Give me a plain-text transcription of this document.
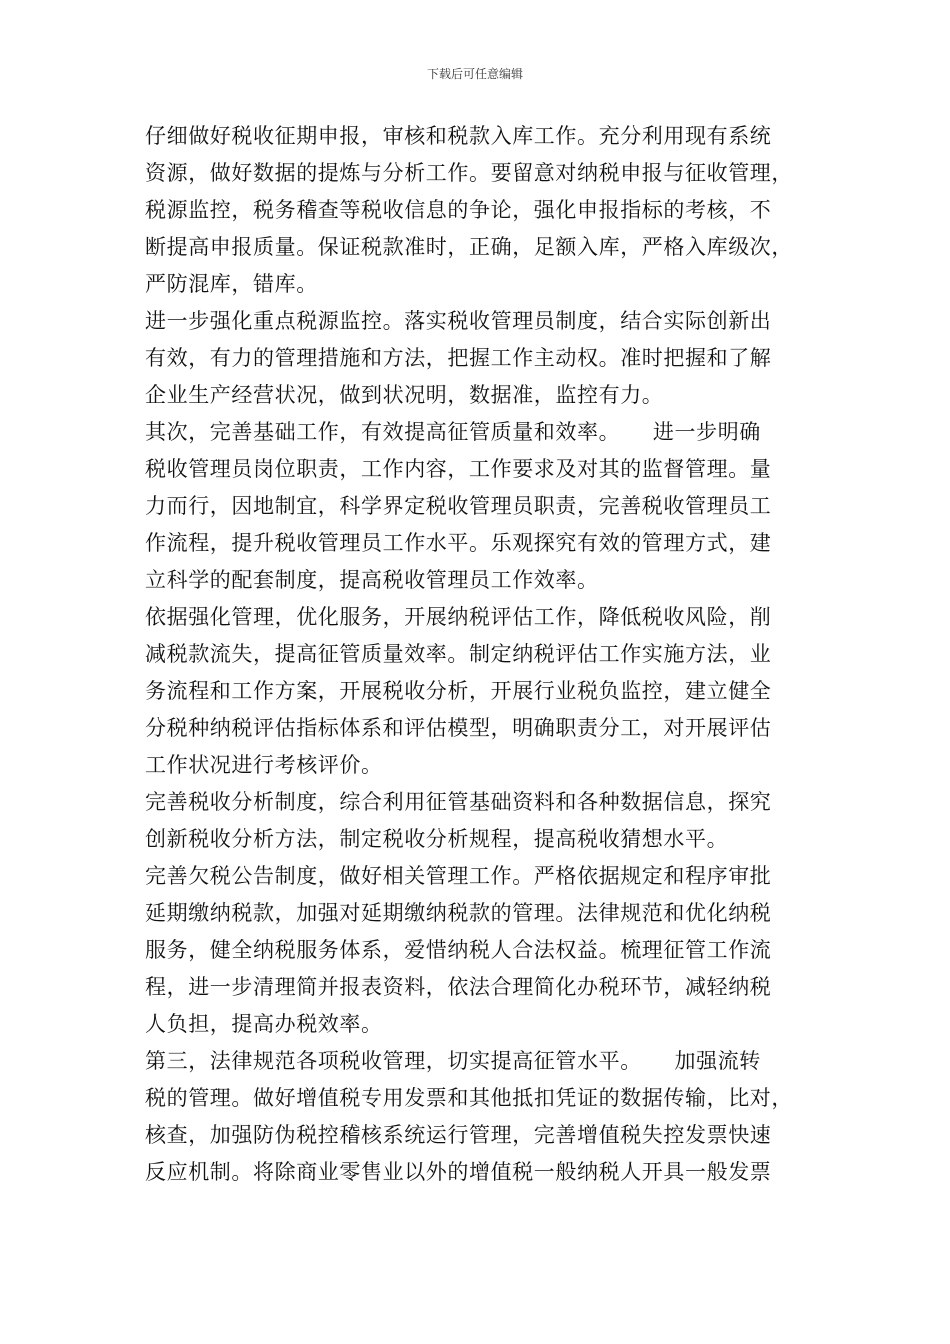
下载后可任意编辑

仔细做好税收征期申报，审核和税款入库工作。充分利用现有系统
资源，做好数据的提炼与分析工作。要留意对纳税申报与征收管理，
税源监控，税务稽查等税收信息的争论，强化申报指标的考核，不
断提高申报质量。保证税款准时，正确，足额入库，严格入库级次，
严防混库，错库。

进一步强化重点税源监控。落实税收管理员制度，结合实际创新出
有效，有力的管理措施和方法，把握工作主动权。准时把握和了解
企业生产经营状况，做到状况明，数据准，监控有力。

其次，完善基础工作，有效提高征管质量和效率。　　进一步明确
税收管理员岗位职责，工作内容，工作要求及对其的监督管理。量
力而行，因地制宜，科学界定税收管理员职责，完善税收管理员工
作流程，提升税收管理员工作水平。乐观探究有效的管理方式，建
立科学的配套制度，提高税收管理员工作效率。

依据强化管理，优化服务，开展纳税评估工作，降低税收风险，削
减税款流失，提高征管质量效率。制定纳税评估工作实施方法，业
务流程和工作方案，开展税收分析，开展行业税负监控，建立健全
分税种纳税评估指标体系和评估模型，明确职责分工，对开展评估
工作状况进行考核评价。

完善税收分析制度，综合利用征管基础资料和各种数据信息，探究
创新税收分析方法，制定税收分析规程，提高税收猜想水平。

完善欠税公告制度，做好相关管理工作。严格依据规定和程序审批
延期缴纳税款，加强对延期缴纳税款的管理。法律规范和优化纳税
服务，健全纳税服务体系，爱惜纳税人合法权益。梳理征管工作流
程，进一步清理简并报表资料，依法合理简化办税环节，减轻纳税
人负担，提高办税效率。

第三，法律规范各项税收管理，切实提高征管水平。　　加强流转
税的管理。做好增值税专用发票和其他抵扣凭证的数据传输，比对，
核查，加强防伪税控稽核系统运行管理，完善增值税失控发票快速
反应机制。将除商业零售业以外的增值税一般纳税人开具一般发票
